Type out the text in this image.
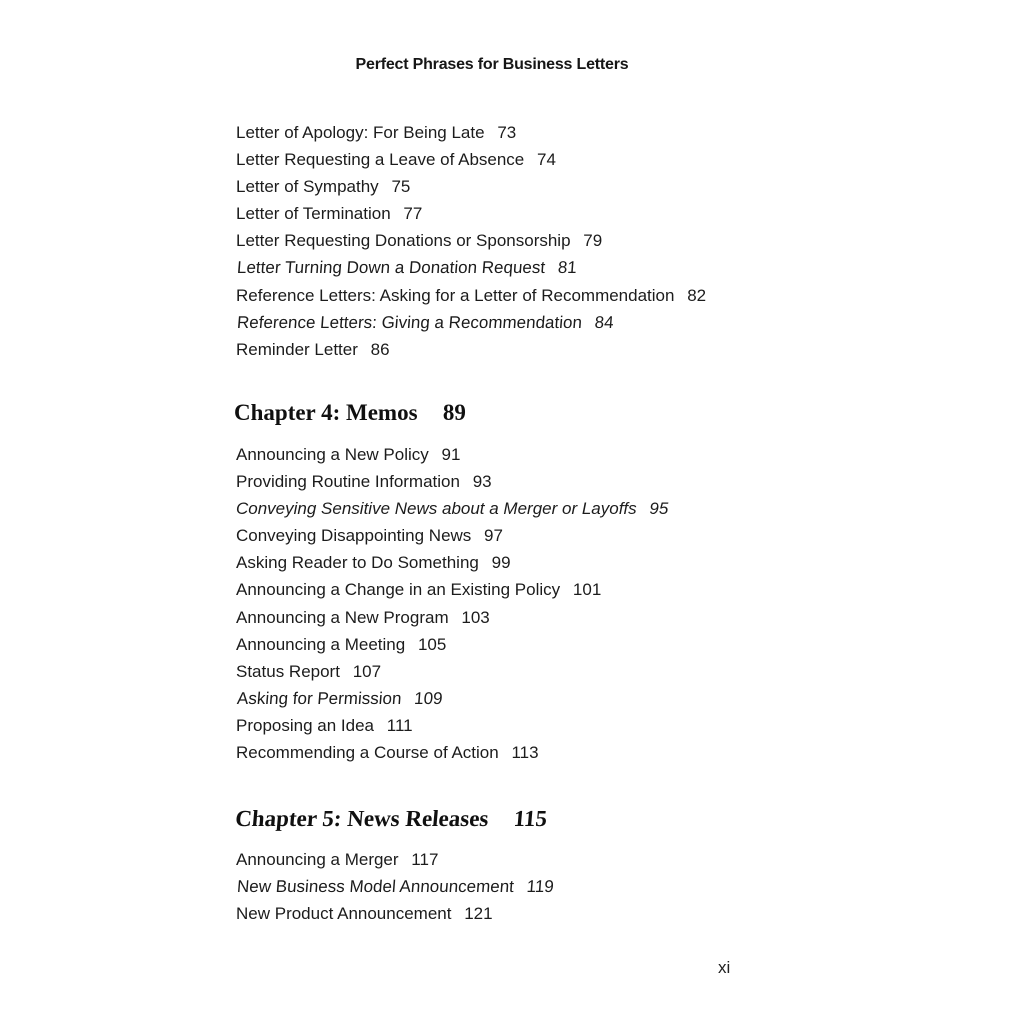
Perfect Phrases for Business Letters
Letter of Apology: For Being Late 73
Letter Requesting a Leave of Absence 74
Letter of Sympathy 75
Letter of Termination 77
Letter Requesting Donations or Sponsorship 79
Letter Turning Down a Donation Request 81
Reference Letters: Asking for a Letter of Recommendation 82
Reference Letters: Giving a Recommendation 84
Reminder Letter 86
Chapter 4: Memos 89
Announcing a New Policy 91
Providing Routine Information 93
Conveying Sensitive News about a Merger or Layoffs 95
Conveying Disappointing News 97
Asking Reader to Do Something 99
Announcing a Change in an Existing Policy 101
Announcing a New Program 103
Announcing a Meeting 105
Status Report 107
Asking for Permission 109
Proposing an Idea 111
Recommending a Course of Action 113
Chapter 5: News Releases 115
Announcing a Merger 117
New Business Model Announcement 119
New Product Announcement 121
xi
